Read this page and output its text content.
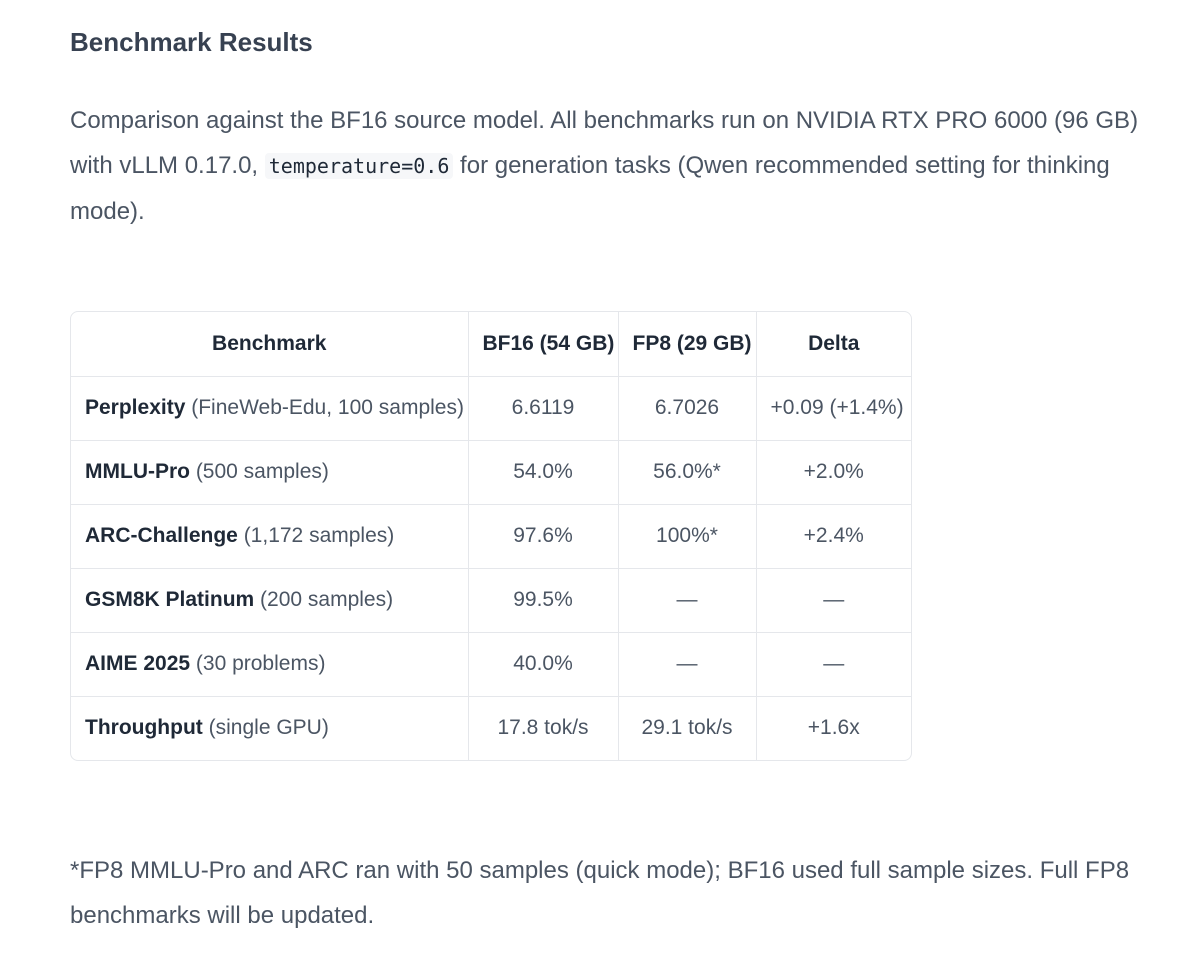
Benchmark Results

Comparison against the BF16 source model. All benchmarks run on NVIDIA RTX PRO 6000 (96 GB) with vLLM 0.17.0, temperature=0.6 for generation tasks (Qwen recommended setting for thinking mode).

Benchmark	BF16 (54 GB)	FP8 (29 GB)	Delta
Perplexity (FineWeb-Edu, 100 samples)	6.6119	6.7026	+0.09 (+1.4%)
MMLU-Pro (500 samples)	54.0%	56.0%*	+2.0%
ARC-Challenge (1,172 samples)	97.6%	100%*	+2.4%
GSM8K Platinum (200 samples)	99.5%	—	—
AIME 2025 (30 problems)	40.0%	—	—
Throughput (single GPU)	17.8 tok/s	29.1 tok/s	+1.6x

*FP8 MMLU-Pro and ARC ran with 50 samples (quick mode); BF16 used full sample sizes. Full FP8 benchmarks will be updated.
